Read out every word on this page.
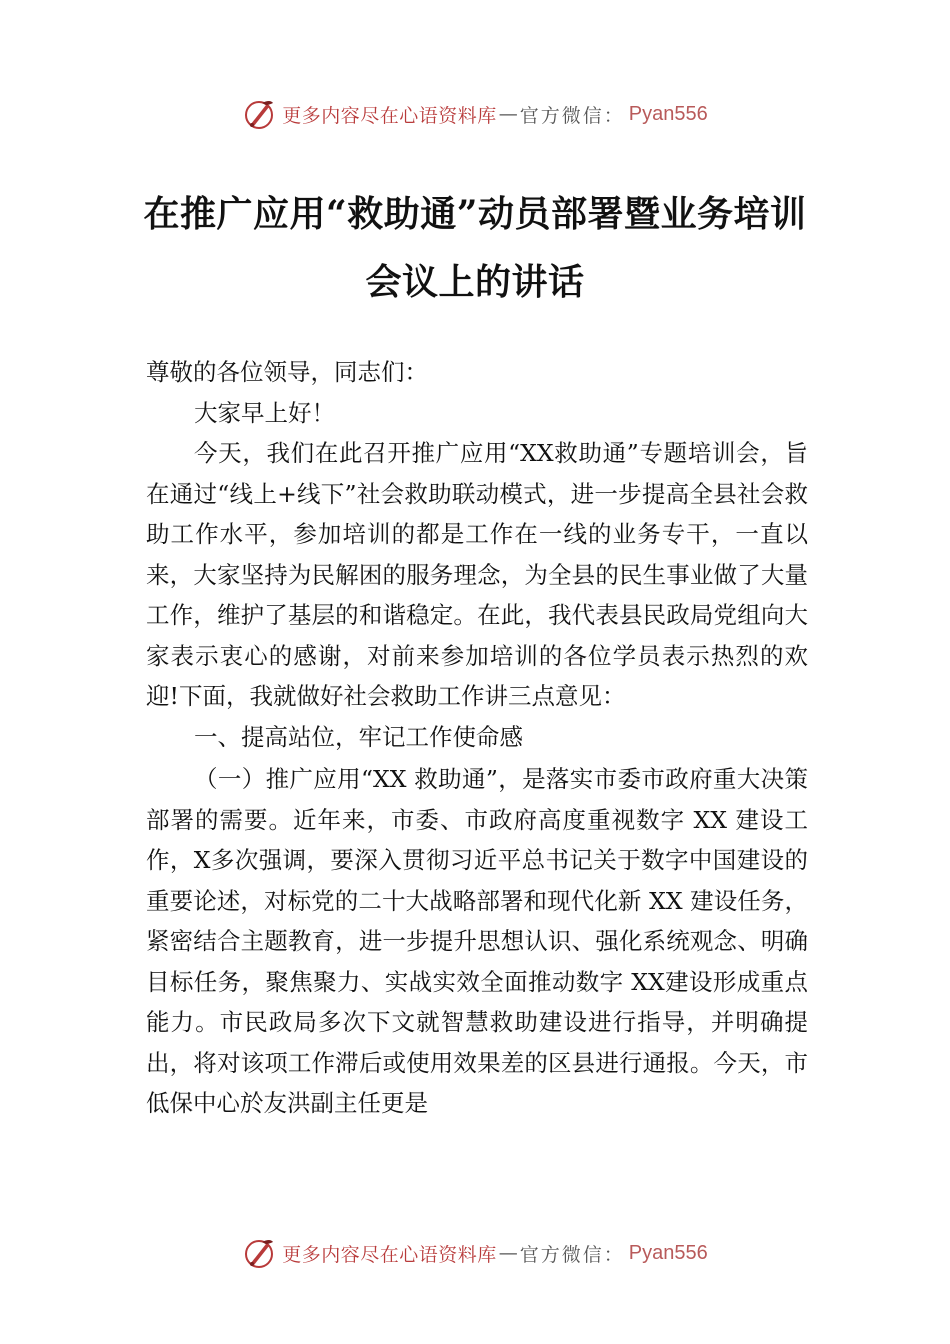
更多内容尽在心语资料库 — 官方微信： Pyan556
在推广应用“救助通”动员部署暨业务培训
会议上的讲话

尊敬的各位领导，同志们：

大家早上好！

今天，我们在此召开推广应用“XX救助通”专题培训会，旨在通过“线上+线下”社会救助联动模式，进一步提高全县社会救助工作水平，参加培训的都是工作在一线的业务专干，一直以来，大家坚持为民解困的服务理念，为全县的民生事业做了大量工作，维护了基层的和谐稳定。在此，我代表县民政局党组向大家表示衷心的感谢，对前来参加培训的各位学员表示热烈的欢迎!下面，我就做好社会救助工作讲三点意见：

一、提高站位，牢记工作使命感

（一）推广应用“XX 救助通”，是落实市委市政府重大决策部署的需要。近年来，市委、市政府高度重视数字 XX 建设工作，X多次强调，要深入贯彻习近平总书记关于数字中国建设的重要论述，对标党的二十大战略部署和现代化新 XX 建设任务，紧密结合主题教育，进一步提升思想认识、强化系统观念、明确目标任务，聚焦聚力、实战实效全面推动数字 XX建设形成重点能力。市民政局多次下文就智慧救助建设进行指导，并明确提出，将对该项工作滞后或使用效果差的区县进行通报。今天，市低保中心於友洪副主任更是

更多内容尽在心语资料库 — 官方微信： Pyan556
